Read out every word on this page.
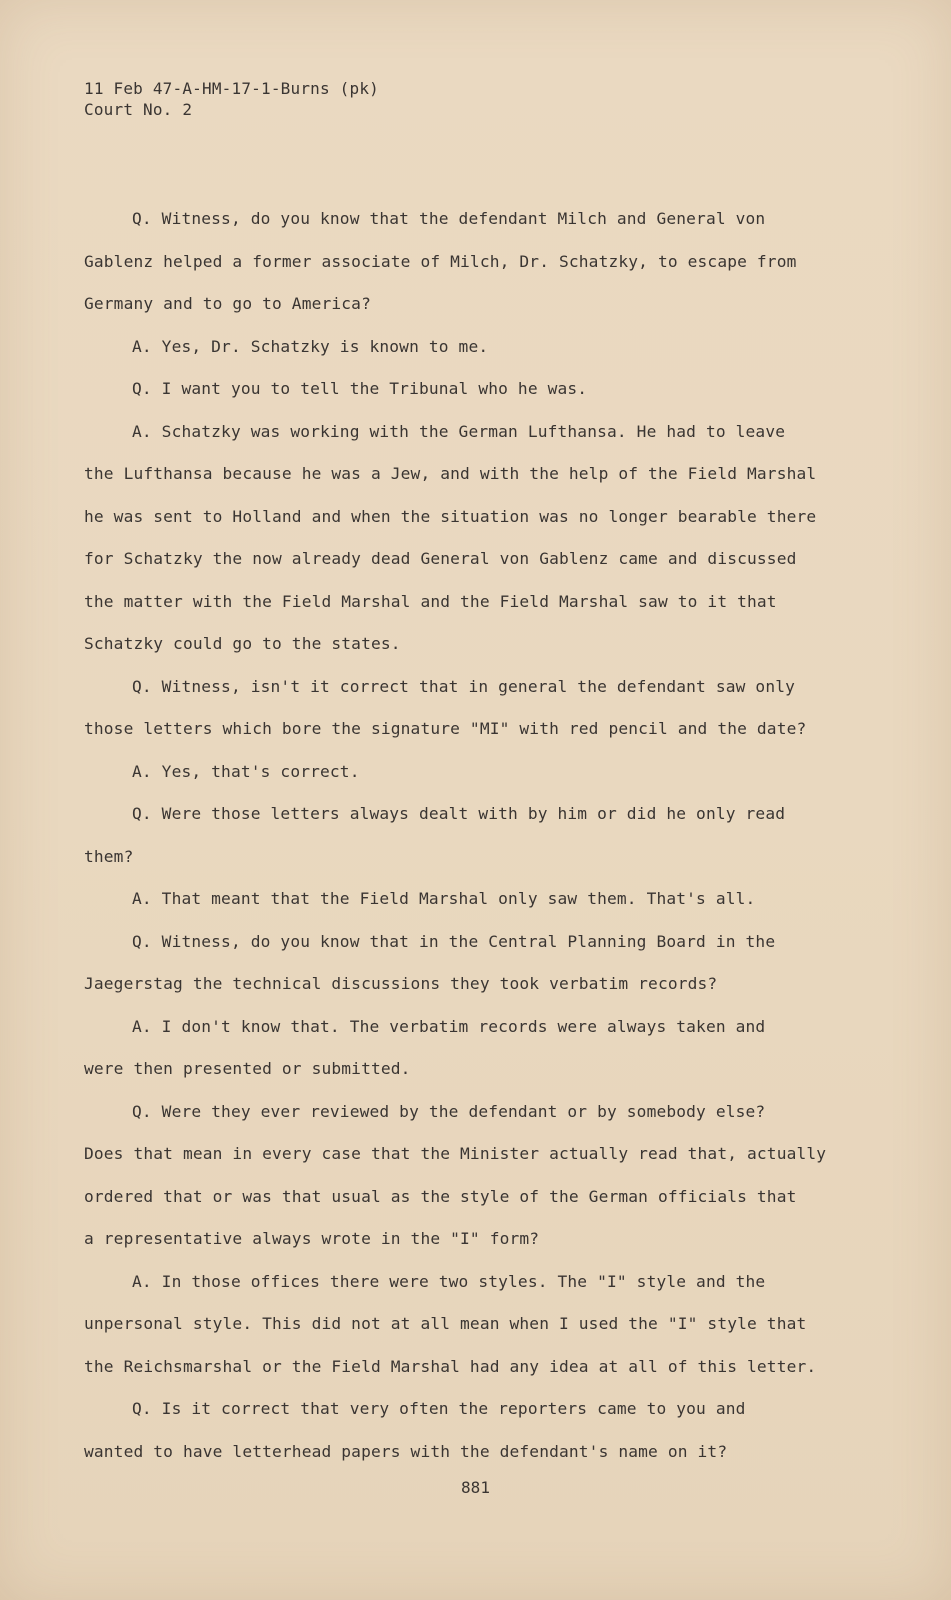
11 Feb 47-A-HM-17-1-Burns (pk)
Court No. 2
Q. Witness, do you know that the defendant Milch and General von
Gablenz helped a former associate of Milch, Dr. Schatzky, to escape from
Germany and to go to America?
A. Yes, Dr. Schatzky is known to me.
Q. I want you to tell the Tribunal who he was.
A. Schatzky was working with the German Lufthansa. He had to leave
the Lufthansa because he was a Jew, and with the help of the Field Marshal
he was sent to Holland and when the situation was no longer bearable there
for Schatzky the now already dead General von Gablenz came and discussed
the matter with the Field Marshal and the Field Marshal saw to it that
Schatzky could go to the states.
Q. Witness, isn't it correct that in general the defendant saw only
those letters which bore the signature "MI" with red pencil and the date?
A. Yes, that's correct.
Q. Were those letters always dealt with by him or did he only read
them?
A. That meant that the Field Marshal only saw them. That's all.
Q. Witness, do you know that in the Central Planning Board in the
Jaegerstag the technical discussions they took verbatim records?
A. I don't know that. The verbatim records were always taken and
were then presented or submitted.
Q. Were they ever reviewed by the defendant or by somebody else?
Does that mean in every case that the Minister actually read that, actually
ordered that or was that usual as the style of the German officials that
a representative always wrote in the "I" form?
A. In those offices there were two styles. The "I" style and the
unpersonal style. This did not at all mean when I used the "I" style that
the Reichsmarshal or the Field Marshal had any idea at all of this letter.
Q. Is it correct that very often the reporters came to you and
wanted to have letterhead papers with the defendant's name on it?
881
